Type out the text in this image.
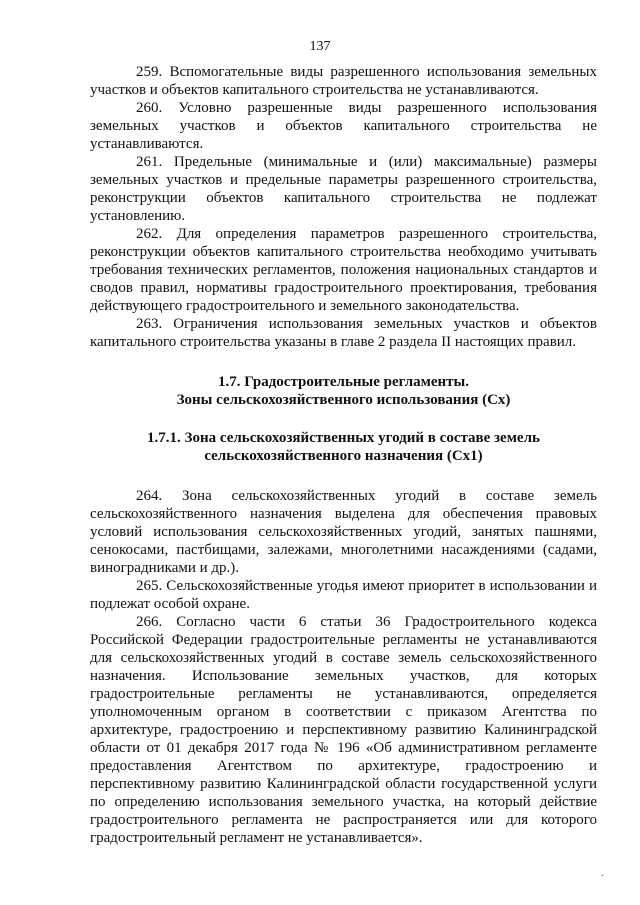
137

259. Вспомогательные виды разрешенного использования земельных участков и объектов капитального строительства не устанавливаются.

260. Условно разрешенные виды разрешенного использования земельных участков и объектов капитального строительства не устанавливаются.

261. Предельные (минимальные и (или) максимальные) размеры земельных участков и предельные параметры разрешенного строительства, реконструкции объектов капитального строительства не подлежат установлению.

262. Для определения параметров разрешенного строительства, реконструкции объектов капитального строительства необходимо учитывать требования технических регламентов, положения национальных стандартов и сводов правил, нормативы градостроительного проектирования, требования действующего градостроительного и земельного законодательства.

263. Ограничения использования земельных участков и объектов капитального строительства указаны в главе 2 раздела II настоящих правил.

1.7. Градостроительные регламенты.
Зоны сельскохозяйственного использования (Сх)
1.7.1. Зона сельскохозяйственных угодий в составе земель
сельскохозяйственного назначения (Сх1)

264. Зона сельскохозяйственных угодий в составе земель сельскохозяйственного назначения выделена для обеспечения правовых условий использования сельскохозяйственных угодий, занятых пашнями, сенокосами, пастбищами, залежами, многолетними насаждениями (садами, виноградниками и др.).

265. Сельскохозяйственные угодья имеют приоритет в использовании и подлежат особой охране.

266. Согласно части 6 статьи 36 Градостроительного кодекса Российской Федерации градостроительные регламенты не устанавливаются для сельскохозяйственных угодий в составе земель сельскохозяйственного назначения. Использование земельных участков, для которых градостроительные регламенты не устанавливаются, определяется уполномоченным органом в соответствии с приказом Агентства по архитектуре, градостроению и перспективному развитию Калининградской области от 01 декабря 2017 года № 196 «Об административном регламенте предоставления Агентством по архитектуре, градостроению и перспективному развитию Калининградской области государственной услуги по определению использования земельного участка, на который действие градостроительного регламента не распространяется или для которого градостроительный регламент не устанавливается».

·
